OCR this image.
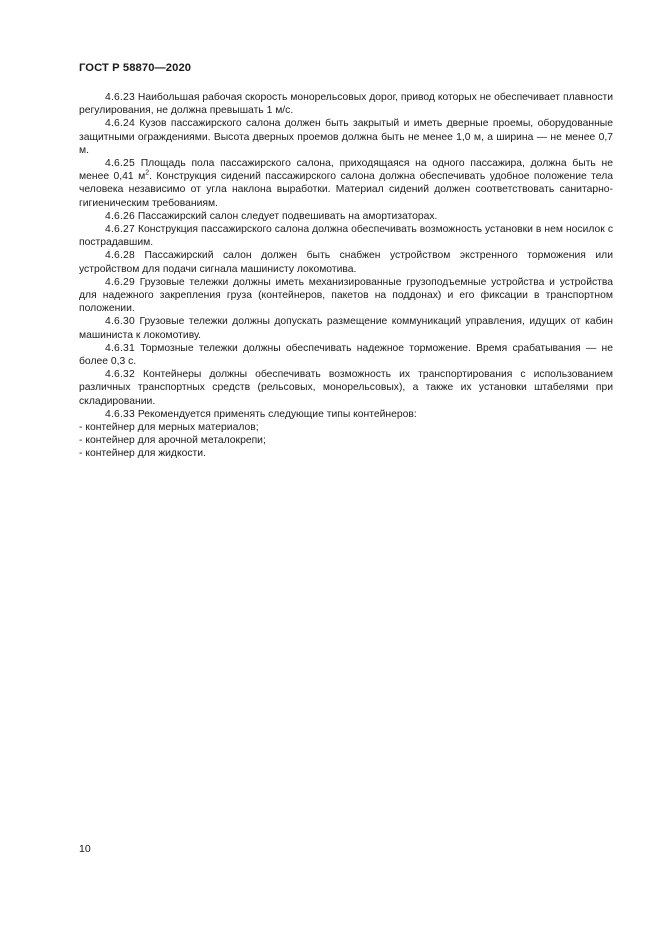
ГОСТ Р 58870—2020

4.6.23 Наибольшая рабочая скорость монорельсовых дорог, привод которых не обеспечивает плавности регулирования, не должна превышать 1 м/с.

4.6.24 Кузов пассажирского салона должен быть закрытый и иметь дверные проемы, оборудованные защитными ограждениями. Высота дверных проемов должна быть не менее 1,0 м, а ширина — не менее 0,7 м.

4.6.25 Площадь пола пассажирского салона, приходящаяся на одного пассажира, должна быть не менее 0,41 $м^2$. Конструкция сидений пассажирского салона должна обеспечивать удобное положение тела человека независимо от угла наклона выработки. Материал сидений должен соответствовать санитарно-гигиеническим требованиям.

4.6.26 Пассажирский салон следует подвешивать на амортизаторах.

4.6.27 Конструкция пассажирского салона должна обеспечивать возможность установки в нем носилок с пострадавшим.

4.6.28 Пассажирский салон должен быть снабжен устройством экстренного торможения или устройством для подачи сигнала машинисту локомотива.

4.6.29 Грузовые тележки должны иметь механизированные грузоподъемные устройства и устройства для надежного закрепления груза (контейнеров, пакетов на поддонах) и его фиксации в транспортном положении.

4.6.30 Грузовые тележки должны допускать размещение коммуникаций управления, идущих от кабин машиниста к локомотиву.

4.6.31 Тормозные тележки должны обеспечивать надежное торможение. Время срабатывания — не более 0,3 с.

4.6.32 Контейнеры должны обеспечивать возможность их транспортирования с использованием различных транспортных средств (рельсовых, монорельсовых), а также их установки штабелями при складировании.

4.6.33 Рекомендуется применять следующие типы контейнеров:

- контейнер для мерных материалов;

- контейнер для арочной металокрепи;

- контейнер для жидкости.

10
